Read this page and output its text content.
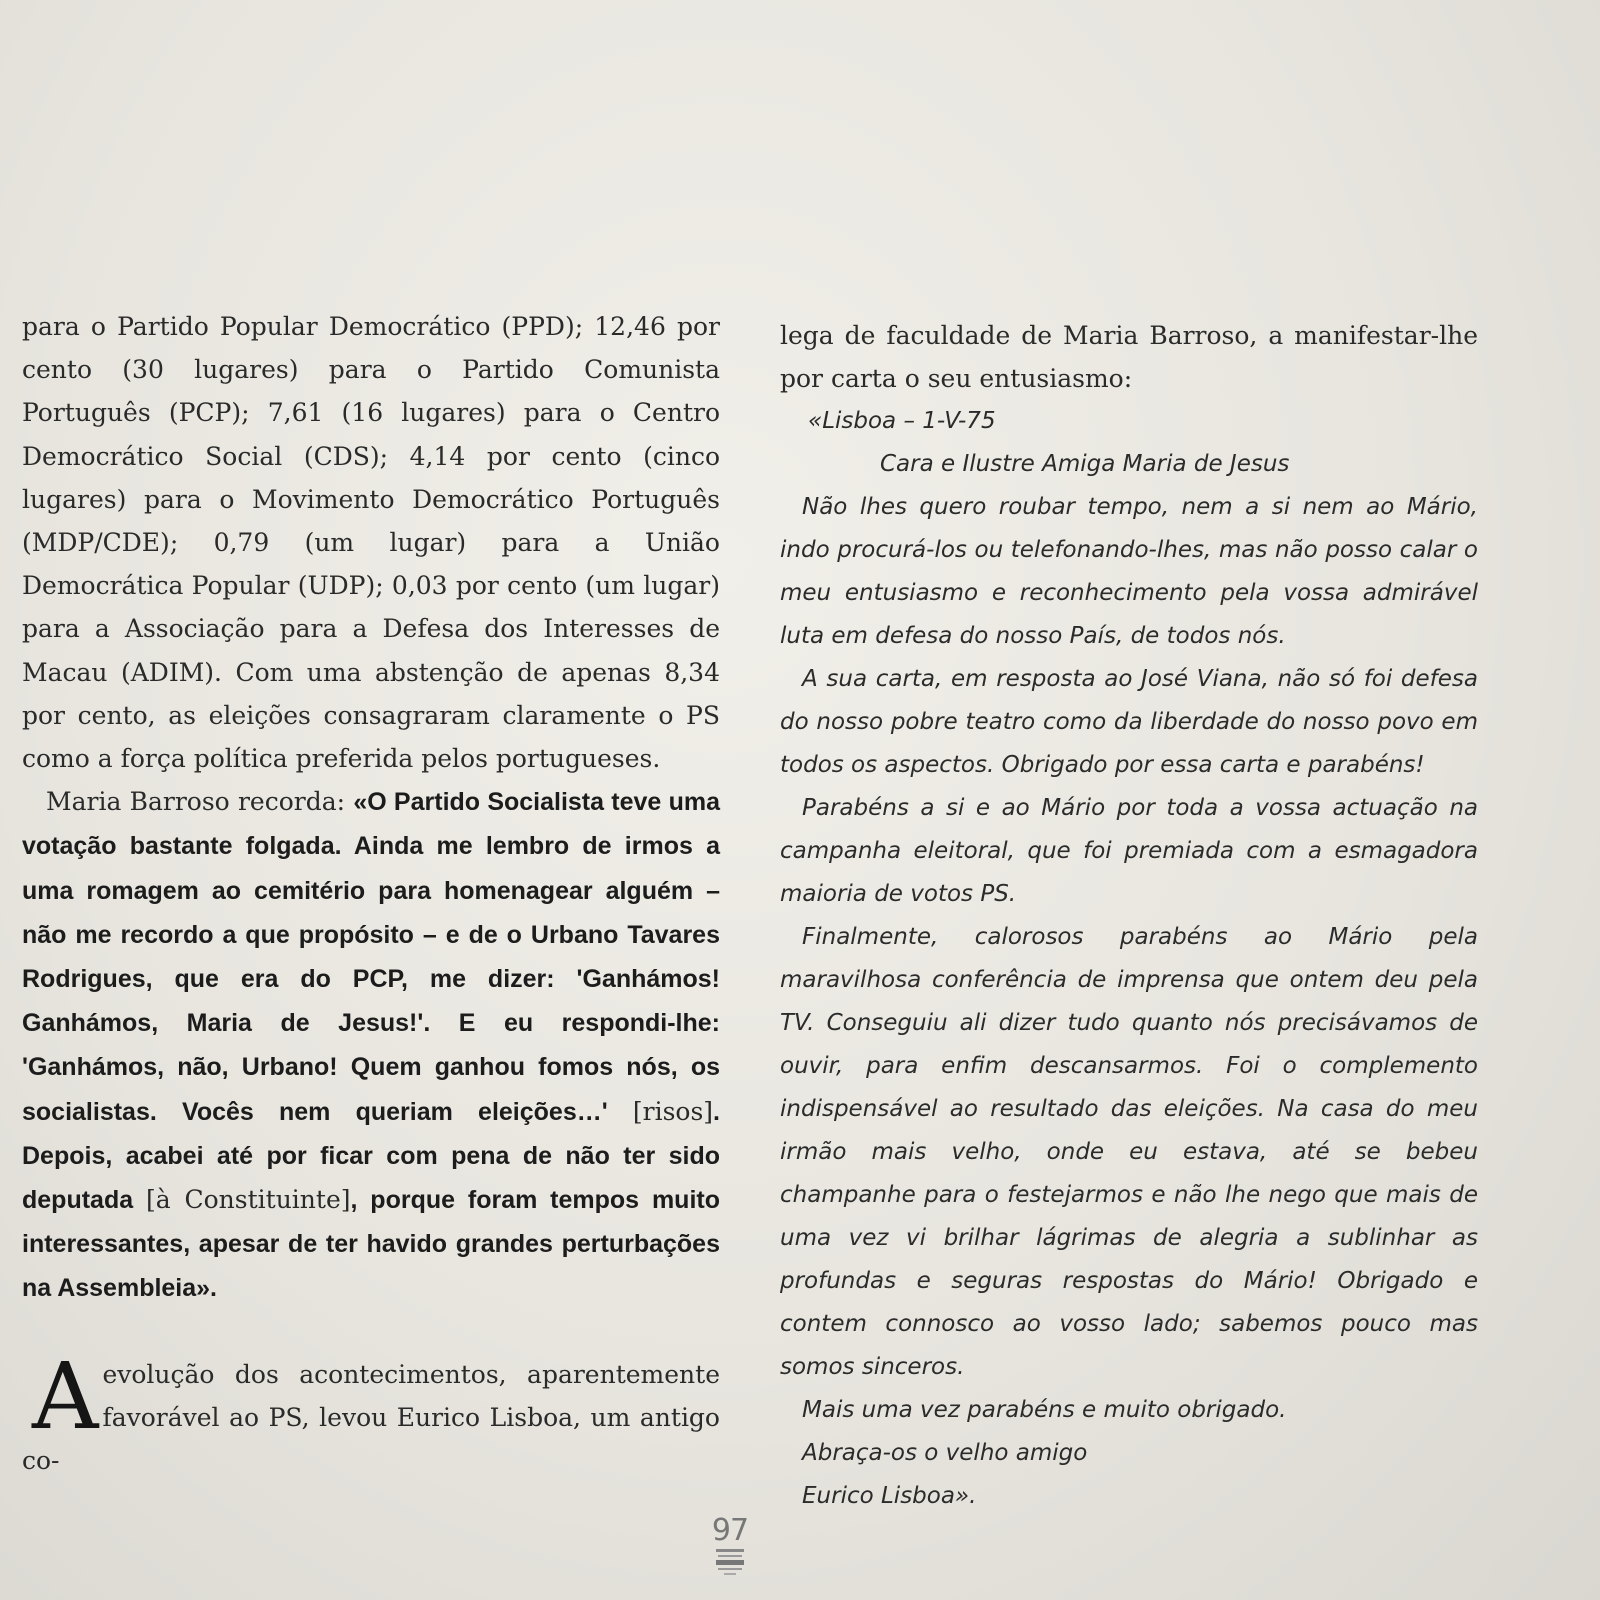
para o Partido Popular Democrático (PPD); 12,46 por cento (30 lugares) para o Partido Comunista Português (PCP); 7,61 (16 lugares) para o Centro Democrático Social (CDS); 4,14 por cento (cinco lugares) para o Movimento Democrático Português (MDP/CDE); 0,79 (um lugar) para a União Democrática Popular (UDP); 0,03 por cento (um lugar) para a Associação para a Defesa dos Interesses de Macau (ADIM). Com uma abstenção de apenas 8,34 por cento, as eleições consagraram claramente o PS como a força política preferida pelos portugueses.

Maria Barroso recorda: «O Partido Socialista teve uma votação bastante folgada. Ainda me lembro de irmos a uma romagem ao cemitério para homenagear alguém – não me recordo a que propósito – e de o Urbano Tavares Rodrigues, que era do PCP, me dizer: 'Ganhámos! Ganhámos, Maria de Jesus!'. E eu respondi-lhe: 'Ganhámos, não, Urbano! Quem ganhou fomos nós, os socialistas. Vocês nem queriam eleições…' [risos]. Depois, acabei até por ficar com pena de não ter sido deputada [à Constituinte], porque foram tempos muito interessantes, apesar de ter havido grandes perturbações na Assembleia».

A evolução dos acontecimentos, aparentemente favorável ao PS, levou Eurico Lisboa, um antigo co-

lega de faculdade de Maria Barroso, a manifestar-lhe por carta o seu entusiasmo:

«Lisboa – 1-V-75

Cara e Ilustre Amiga Maria de Jesus

Não lhes quero roubar tempo, nem a si nem ao Mário, indo procurá-los ou telefonando-lhes, mas não posso calar o meu entusiasmo e reconhecimento pela vossa admirável luta em defesa do nosso País, de todos nós.

A sua carta, em resposta ao José Viana, não só foi defesa do nosso pobre teatro como da liberdade do nosso povo em todos os aspectos. Obrigado por essa carta e parabéns!

Parabéns a si e ao Mário por toda a vossa actuação na campanha eleitoral, que foi premiada com a esmagadora maioria de votos PS.

Finalmente, calorosos parabéns ao Mário pela maravilhosa conferência de imprensa que ontem deu pela TV. Conseguiu ali dizer tudo quanto nós precisávamos de ouvir, para enfim descansarmos. Foi o complemento indispensável ao resultado das eleições. Na casa do meu irmão mais velho, onde eu estava, até se bebeu champanhe para o festejarmos e não lhe nego que mais de uma vez vi brilhar lágrimas de alegria a sublinhar as profundas e seguras respostas do Mário! Obrigado e contem connosco ao vosso lado; sabemos pouco mas somos sinceros.

Mais uma vez parabéns e muito obrigado.

Abraça-os o velho amigo

Eurico Lisboa».

97
